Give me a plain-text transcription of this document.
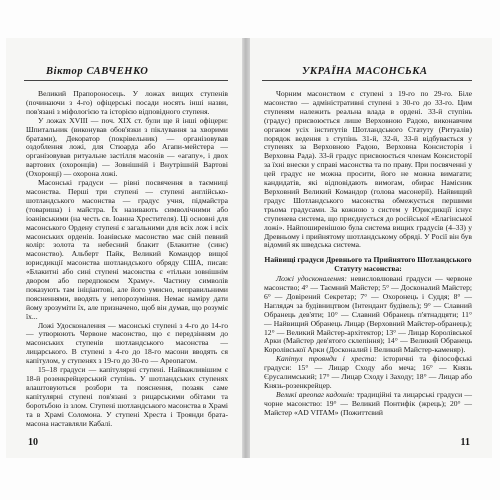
Віктор САВЧЕНКО

Великий Прапороносець. У ложах вищих ступенів (починаючи з 4-го) офіцерські посади носять інші назви, пов'язані з міфологією та історією відповідного ступеня.

У ложах XVIII — поч. XIX ст. були ще й інші офіцери: Шпитальник (виконував обов'язки з піклування за хворими братами), Декоратор (покрівельник) — організовував оздоблення ложі, для Стюарда або Агапи-мейстера — організовував ритуальне застілля масонів — «агапу», і двох вартових (охоронців) — Зовнішній і Внутрішній Вартові (Охоронці) — охорона ложі.

Масонські градуси — рівні посвячення в таємниці масонства. Перші три ступені — ступені англійсько-шотландського масонства — градус учня, підмайстра (товариша) і майстра. Їх називають символічними або іоанівськими (на честь св. Іоанна Хрестителя). Ці основні для масонського Ордену ступені є загальними для всіх лож і всіх масонських орденів. Іоанівське масонство має свій певний колір: золота та небесний блакит (Блакитне (синє) масонство). Альберт Пайк, Великий Командор вищої юрисдикції масонства шотландського обряду США, писав: «Блакитні або сині ступені масонства є «тільки зовнішнім двором або передпокоєм Храму». Частину символів показують там ініціантові, але його умисно, неправильними поясненнями, вводять у непорозуміння. Немає наміру дати йому зрозуміти їх, але призначено, щоб він думав, що розуміє їх...

Ложі Удосконалення — масонські ступені з 4-го до 14-го — утворюють Червоне масонство, що є передзінням до масонських ступенів шотландського масонства — лицарського. В ступені з 4-го до 18-го масони вводять ся капітулом, у ступенях з 19-го до 30-го — Ареопагом.

15–18 градуси — капітулярні ступені. Найважливішим є 18-й розенкрейцерський ступінь. У шотландських ступенях влаштовуються розбори та пояснення, позаяк саме капітулярні ступені пов'язані з рицарськими обітами та боротьбою із злом. Ступені шотландського масонства в Храмі та в Храмі Соломона. У ступені Хреста і Троянди брата-масона наставляли Кабалі.

10
УКРАЇНА МАСОНСЬКА

Чорним масонством є ступені з 19-го по 29-го. Біле масонство — адміністративні ступені з 30-го до 33-го. Цим ступеням належить реальна влада в ордені. 33-й ступінь (градус) присвоюється лише Верховною Радою, виконавчим органом усіх інститутів Шотландського Статуту (Ритуалів) порядок ведення з ступінь 31-й, 32-й, 33-й відбувається у ступенях за Верховною Радою, Верховна Консисторія і Верховна Рада). 33-й градус присвоюється членам Консисторії за їхні внески у справі масонства та по праву. При посвяченні у цей градус не можна просити, його не можна вимагати; кандидатів, які відповідають вимогам, обирає Намісник Верховний Великий Командор (голова масонерії). Найвищий градус Шотландського масонства обмежується першими трьома градусами. За кожною з систем у Юрисдикції існує ступенева система, що приєднується до російської «Елагінської ложі». Найпоширенішою була система вищих градусів (4–33) у Древньому і прийнятому шотландському обряді. У Росії він був відомий як шведська система.

Найвищі градуси Древнього та Прийнятого Шотландського Статуту масонства:

Ложі удосконалення: невисловлювані градуси — червоне масонство; 4° — Таємний Майстер; 5° — Досконалий Майстер; 6° — Довірений Секретар; 7° — Охоронець і Суддя; 8° — Наглядач за будівництвом (Інтендант будівель); 9° — Славний Обранець дев'яти; 10° — Славний Обранець п'ятнадцяти; 11° — Найвищий Обранець Лицар (Верховний Майстер-обранець); 12° — Великий Майстер-архітектор; 13° — Лицар Королівської Арки (Майстер дев'ятого склепіння); 14° — Великий Обранець Королівської Арки (Досконалий і Великий Майстер-каменяр).

Капітул троянди і хреста: історичні та філософські градуси: 15° — Лицар Сходу або меча; 16° — Князь Єрусалимський; 17° — Лицар Сходу і Заходу; 18° — Лицар або Князь-розенкрейцер.

Великі ареопаг кадошів: традиційні та лицарські градуси — чорне масонство: 19° — Великий Понтифік (жрець); 20° — Майстер «AD VITAM» (Пожиттєвий

11
